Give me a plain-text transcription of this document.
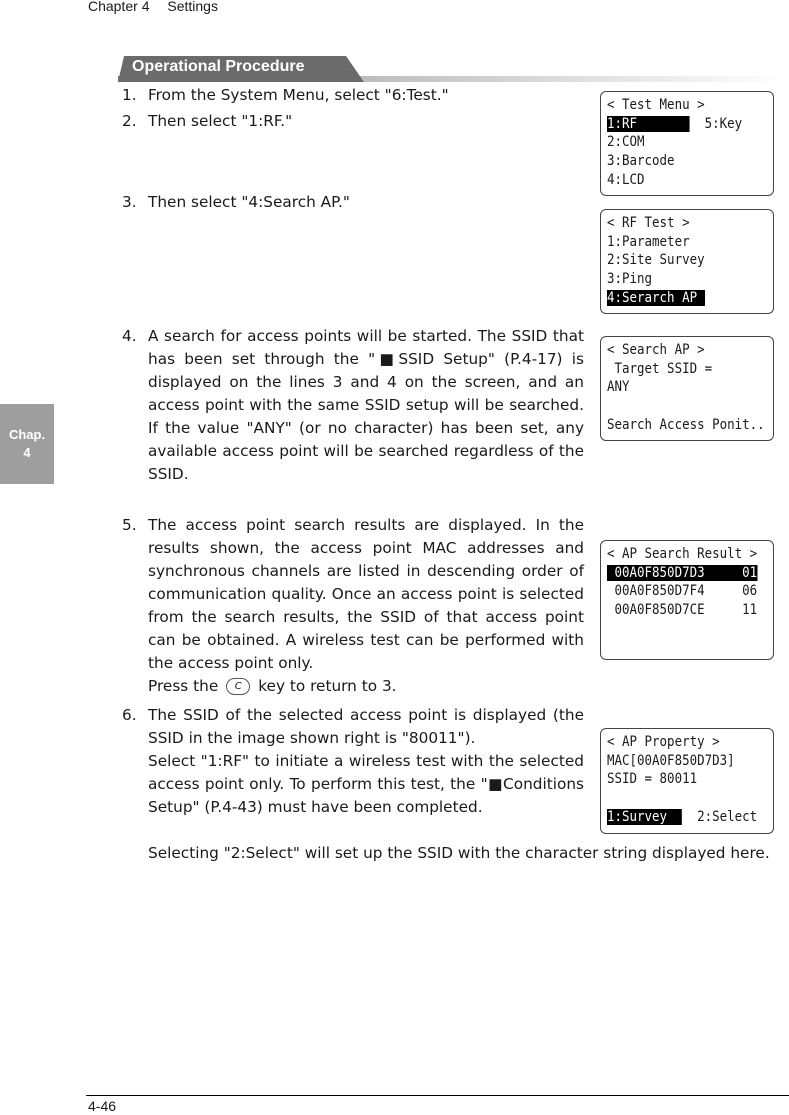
Chapter 4 Settings
Chap.
4
Operational Procedure
1. From the System Menu, select "6:Test."

2. Then select "1:RF."

3. Then select "4:Search AP."

4. A search for access points will be started. The SSID that has been set through the "■SSID Setup" (P.4-17) is displayed on the lines 3 and 4 on the screen, and an access point with the same SSID setup will be searched. If the value "ANY" (or no character) has been set, any available access point will be searched regardless of the SSID.

5. The access point search results are displayed. In the results shown, the access point MAC addresses and synchronous channels are listed in descending order of communication quality. Once an access point is selected from the search results, the SSID of that access point can be obtained. A wireless test can be performed with the access point only.

Press the C key to return to 3.

6. The SSID of the selected access point is displayed (the SSID in the image shown right is "80011").

Select "1:RF" to initiate a wireless test with the selected access point only. To perform this test, the "■Conditions Setup" (P.4-43) must have been completed.

Selecting "2:Select" will set up the SSID with the character string displayed here.

< Test Menu >
1:RF         5:Key
2:COM
3:Barcode
4:LCD
< RF Test >
1:Parameter
2:Site Survey
3:Ping
4:Serarch AP
< Search AP >
Target SSID =
ANY
Search Access Ponit..
< AP Search Result >
00A0F850D7D3     01
00A0F850D7F4     06
00A0F850D7CE     11
< AP Property >
MAC[00A0F850D7D3]
SSID = 80011
1:Survey    2:Select
4-46
